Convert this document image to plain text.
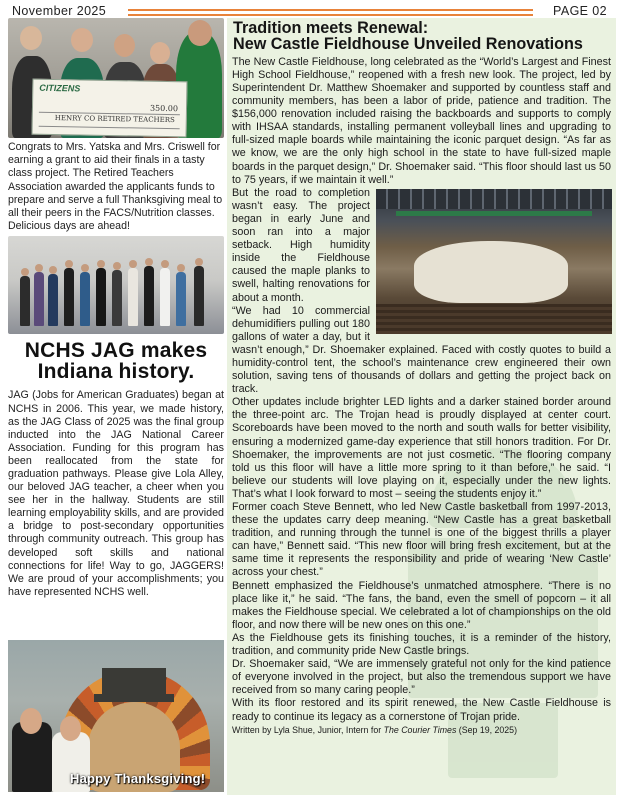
November 2025	PAGE 02
CITIZENS
350.00
HENRY CO RETIRED TEACHERS

Congrats to Mrs. Yatska and Mrs. Criswell for earning a grant to aid their finals in a tasty class project. The Retired Teachers Association awarded the applicants funds to prepare and serve a full Thanksgiving meal to all their peers in the FACS/Nutrition classes. Delicious days are ahead!

NCHS JAG makes
Indiana history.

JAG (Jobs for American Graduates) began at NCHS in 2006. This year, we made history, as the JAG Class of 2025 was the final group inducted into the JAG National Career Association. Funding for this program has been reallocated from the state for graduation pathways. Please give Lola Alley, our beloved JAG teacher, a cheer when you see her in the hallway. Students are still learning employability skills, and are provided a bridge to post-secondary opportunities through community outreach. This group has developed soft skills and national connections for life! Way to go, JAGGERS! We are proud of your accomplishments; you have represented NCHS well.

Happy Thanksgiving!
Tradition meets Renewal:
New Castle Fieldhouse Unveiled Renovations

The New Castle Fieldhouse, long celebrated as the “World’s Largest and Finest High School Fieldhouse,” reopened with a fresh new look. The project, led by Superintendent Dr. Matthew Shoemaker and supported by countless staff and community members, has been a labor of pride, patience and tradition. The $156,000 renovation included raising the backboards and supports to comply with IHSAA standards, installing permanent volleyball lines and upgrading to full-sized maple boards while maintaining the iconic parquet design. “As far as we know, we are the only high school in the state to have full-sized maple boards in the parquet design,” Dr. Shoemaker said. “This floor should last us 50 to 75 years, if we maintain it well.”

But the road to completion wasn’t easy. The project began in early June and soon ran into a major setback. High humidity inside the Fieldhouse caused the maple planks to swell, halting renovations for about a month.

“We had 10 commercial dehumidifiers pulling out 180 gallons of water a day, but it wasn’t enough,” Dr. Shoemaker explained. Faced with costly quotes to build a humidity-control tent, the school’s maintenance crew engineered their own solution, saving tens of thousands of dollars and getting the project back on track.

Other updates include brighter LED lights and a darker stained border around the three-point arc. The Trojan head is proudly displayed at center court. Scoreboards have been moved to the north and south walls for better visibility, ensuring a modernized game-day experience that still honors tradition. For Dr. Shoemaker, the improvements are not just cosmetic. “The flooring company told us this floor will have a little more spring to it than before,” he said. “I believe our students will love playing on it, especially under the new lights. That’s what I look forward to most – seeing the students enjoy it.”

Former coach Steve Bennett, who led New Castle basketball from 1997-2013, these the updates carry deep meaning. “New Castle has a great basketball tradition, and running through the tunnel is one of the biggest thrills a player can have,” Bennett said. “This new floor will bring fresh excitement, but at the same time it represents the responsibility and pride of wearing ‘New Castle’ across your chest.”

Bennett emphasized the Fieldhouse’s unmatched atmosphere. “There is no place like it,” he said. “The fans, the band, even the smell of popcorn – it all makes the Fieldhouse special. We celebrated a lot of championships on the old floor, and now there will be new ones on this one.”

As the Fieldhouse gets its finishing touches, it is a reminder of the history, tradition, and community pride New Castle brings.

Dr. Shoemaker said, “We are immensely grateful not only for the kind patience of everyone involved in the project, but also the tremendous support we have received from so many caring people.”

With its floor restored and its spirit renewed, the New Castle Fieldhouse is ready to continue its legacy as a cornerstone of Trojan pride.

Written by Lyla Shue, Junior, Intern for The Courier Times (Sep 19, 2025)
